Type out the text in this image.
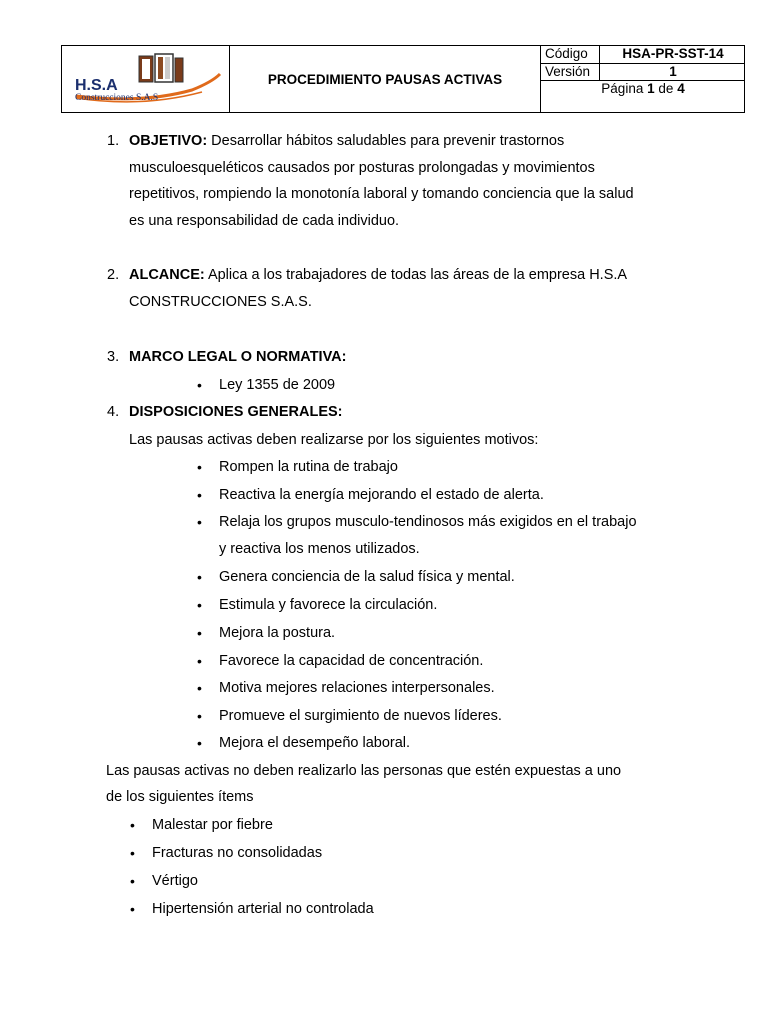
H.S.A
Construcciones S.A.S
PROCEDIMIENTO PAUSAS ACTIVAS
Código	HSA-PR-SST-14
Versión	1
Página 1 de 4
1. OBJETIVO: Desarrollar hábitos saludables para prevenir trastornos
musculoesqueléticos causados por posturas prolongadas y movimientos
repetitivos, rompiendo la monotonía laboral y tomando conciencia que la salud
es una responsabilidad de cada individuo.
2. ALCANCE: Aplica a los trabajadores de todas las áreas de la empresa H.S.A
CONSTRUCCIONES S.A.S.
3. MARCO LEGAL O NORMATIVA:
• Ley 1355 de 2009
4. DISPOSICIONES GENERALES:
Las pausas activas deben realizarse por los siguientes motivos:
• Rompen la rutina de trabajo
• Reactiva la energía mejorando el estado de alerta.
• Relaja los grupos musculo-tendinosos más exigidos en el trabajo
y reactiva los menos utilizados.
• Genera conciencia de la salud física y mental.
• Estimula y favorece la circulación.
• Mejora la postura.
• Favorece la capacidad de concentración.
• Motiva mejores relaciones interpersonales.
• Promueve el surgimiento de nuevos líderes.
• Mejora el desempeño laboral.
Las pausas activas no deben realizarlo las personas que estén expuestas a uno
de los siguientes ítems
• Malestar por fiebre
• Fracturas no consolidadas
• Vértigo
• Hipertensión arterial no controlada
